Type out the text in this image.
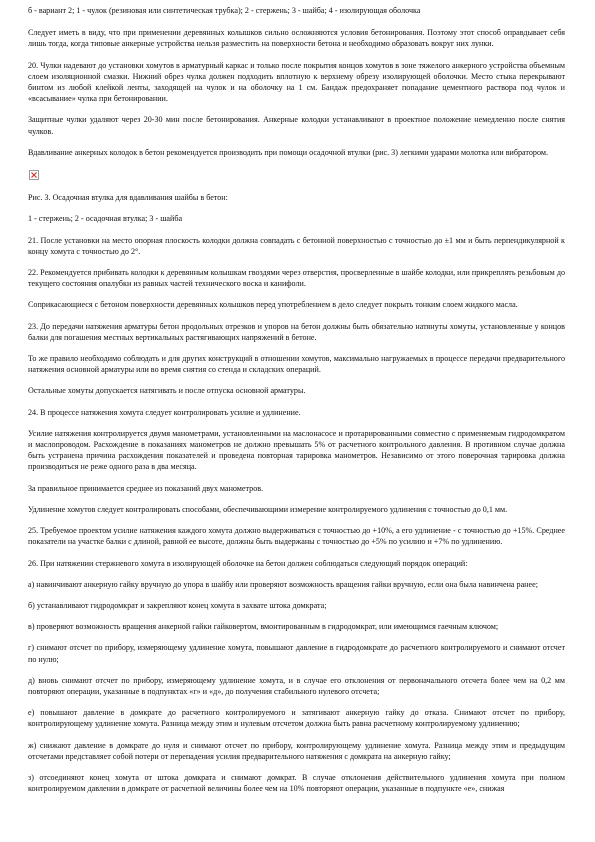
б - вариант 2; 1 - чулок (резиновая или синтетическая трубка); 2 - стержень; 3 - шайба; 4 - изолирующая оболочка

Следует иметь в виду, что при применении деревянных колышков сильно осложняются условия бетонирования. Поэтому этот способ оправдывает себя лишь тогда, когда типовые анкерные устройства нельзя разместить на поверхности бетона и необходимо образовать вокруг них лунки.

20. Чулки надевают до установки хомутов в арматурный каркас и только после покрытия концов хомутов в зоне тяжелого анкерного устройства объемным слоем изоляционной смазки. Нижний обрез чулка должен подходить вплотную к верхнему обрезу изолирующей оболочки. Место стыка перекрывают бинтом из любой клейкой ленты, заходящей на чулок и на оболочку на 1 см. Бандаж предохраняет попадание цементного раствора под чулок и «всасывание» чулка при бетонировании.

Защитные чулки удаляют через 20-30 мин после бетонирования. Анкерные колодки устанавливают в проектное положение немедленно после снятия чулков.

Вдавливание анкерных колодок в бетон рекомендуется производить при помощи осадочной втулки (рис. 3) легкими ударами молотка или вибратором.

Рис. 3. Осадочная втулка для вдавливания шайбы в бетон:

1 - стержень; 2 - осадочная втулка; 3 - шайба

21. После установки на место опорная плоскость колодки должна совпадать с бетонной поверхностью с точностью до ±1 мм и быть перпендикулярной к концу хомута с точностью до 2°.

22. Рекомендуется прибивать колодки к деревянным колышкам гвоздями через отверстия, просверленные в шайбе колодки, или прикреплять резьбовым до текущего состояния опалубки из равных частей технического воска и канифоли.

Соприкасающиеся с бетоном поверхности деревянных колышков перед употреблением в дело следует покрыть тонким слоем жидкого масла.

23. До передачи натяжения арматуры бетон продольных отрезков и упоров на бетон должны быть обязательно натянуты хомуты, установленные у концов балки для погашения местных вертикальных растягивающих напряжений в бетоне.

То же правило необходимо соблюдать и для других конструкций в отношении хомутов, максимально нагружаемых в процессе передачи предварительного натяжения основной арматуры или во время снятия со стенда и складских операций.

Остальные хомуты допускается натягивать и после отпуска основной арматуры.

24. В процессе натяжения хомута следует контролировать усилие и удлинение.

Усилие натяжения контролируется двумя манометрами, установленными на маслонасосе и протарированными совместно с применяемым гидродомкратом и маслопроводом. Расхождение в показаниях манометров не должно превышать 5% от расчетного контрольного давления. В противном случае должна быть устранена причина расхождения показателей и проведена повторная тарировка манометров. Независимо от этого поверочная тарировка должна производиться не реже одного раза в два месяца.

За правильное принимается среднее из показаний двух манометров.

Удлинение хомутов следует контролировать способами, обеспечивающими измерение контролируемого удлинения с точностью до 0,1 мм.

25. Требуемое проектом усилие натяжения каждого хомута должно выдерживаться с точностью до +10%, а его удлинение - с точностью до +15%. Среднее показатели на участке балки с длиной, равной ее высоте, должны быть выдержаны с точностью до +5% по усилию и +7% по удлинению.

26. При натяжении стержневого хомута в изолирующей оболочке на бетон должен соблюдаться следующий порядок операций:

а) навинчивают анкерную гайку вручную до упора в шайбу или проверяют возможность вращения гайки вручную, если она была навинчена ранее;

б) устанавливают гидродомкрат и закрепляют конец хомута в захвате штока домкрата;

в) проверяют возможность вращения анкерной гайки гайковертом, вмонтированным в гидродомкрат, или имеющимся гаечным ключом;

г) снимают отсчет по прибору, измеряющему удлинение хомута, повышают давление в гидродомкрате до расчетного контролируемого и снимают отсчет по нулю;

д) вновь снимают отсчет по прибору, измеряющему удлинение хомута, и в случае его отклонения от первоначального отсчета более чем на 0,2 мм повторяют операции, указанные в подпунктах «г» и «д», до получения стабильного нулевого отсчета;

е) повышают давление в домкрате до расчетного контролируемого и затягивают анкерную гайку до отказа. Снимают отсчет по прибору, контролирующему удлинение хомута. Разница между этим и нулевым отсчетом должна быть равна расчетному контролируемому удлинению;

ж) снижают давление в домкрате до нуля и снимают отсчет по прибору, контролирующему удлинение хомута. Разница между этим и предыдущим отсчетами представляет собой потери от перепадения усилия предварительного натяжения с домкрата на анкерную гайку;

з) отсоединяют конец хомута от штока домкрата и снимают домкрат. В случае отклонения действительного удлинения хомута при полном контролируемом давлении в домкрате от расчетной величины более чем на 10% повторяют операции, указанные в подпункте «е», снижая
